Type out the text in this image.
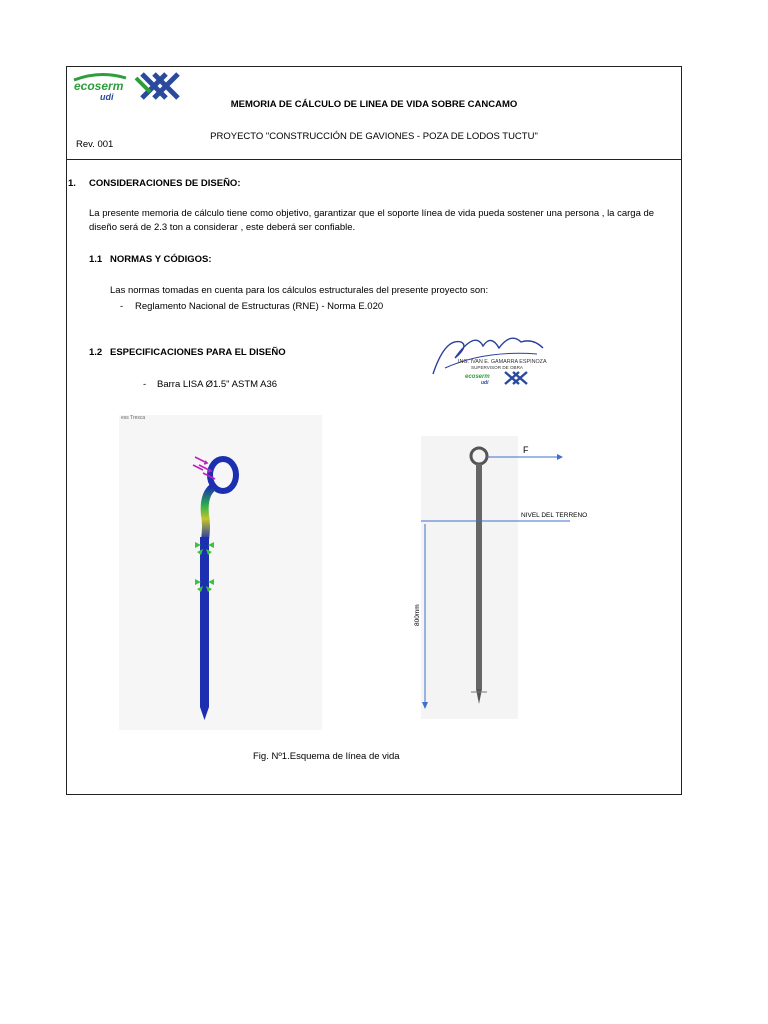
ecoserm
udi
MEMORIA DE CÁLCULO DE LINEA DE VIDA SOBRE CANCAMO
PROYECTO "CONSTRUCCIÓN DE GAVIONES - POZA DE LODOS TUCTU"
Rev. 001
1. CONSIDERACIONES DE DISEÑO:
La presente memoria de cálculo tiene como objetivo, garantizar que el soporte línea de vida pueda sostener una persona , la carga de
diseño será de 2.3 ton a considerar , este deberá ser confiable.
1.1 NORMAS Y CÓDIGOS:
Las normas tomadas en cuenta para los cálculos estructurales del presente proyecto son:
- Reglamento Nacional de Estructuras (RNE) - Norma E.020
1.2 ESPECIFICACIONES PARA EL DISEÑO
- Barra LISA Ø1.5" ASTM A36
ING. IVAN E. GAMARRA ESPINOZA
SUPERVISOR DE OBRA
ecoserm
udi
ess Tresca
F
NIVEL DEL TERRENO
800mm
Fig. Nº1.Esquema de línea de vida
